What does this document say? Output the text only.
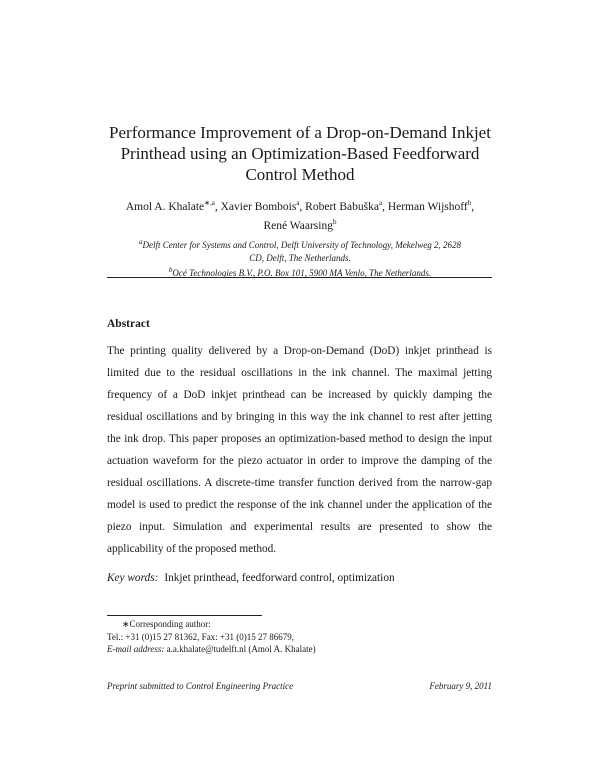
Performance Improvement of a Drop-on-Demand Inkjet
Printhead using an Optimization-Based Feedforward
Control Method
Amol A. Khalate$^{∗,a}$, Xavier Bombois$^a$, Robert Babuška$^a$, Herman Wijshoff$^b$,
René Waarsing$^b$
$^a$Delft Center for Systems and Control, Delft University of Technology, Mekelweg 2, 2628
CD, Delft, The Netherlands.
$^b$Océ Technologies B.V., P.O. Box 101, 5900 MA Venlo, The Netherlands.
Abstract
The printing quality delivered by a Drop-on-Demand (DoD) inkjet printhead is limited due to the residual oscillations in the ink channel. The maximal jetting frequency of a DoD inkjet printhead can be increased by quickly damping the residual oscillations and by bringing in this way the ink channel to rest after jetting the ink drop. This paper proposes an optimization-based method to design the input actuation waveform for the piezo actuator in order to improve the damping of the residual oscillations. A discrete-time transfer function derived from the narrow-gap model is used to predict the response of the ink channel under the application of the piezo input. Simulation and experimental results are presented to show the applicability of the proposed method.
Key words: Inkjet printhead, feedforward control, optimization
∗Corresponding author:
Tel.: +31 (0)15 27 81362, Fax: +31 (0)15 27 86679,
E-mail address: a.a.khalate@tudelft.nl (Amol A. Khalate)
Preprint submitted to Control Engineering Practice	February 9, 2011
